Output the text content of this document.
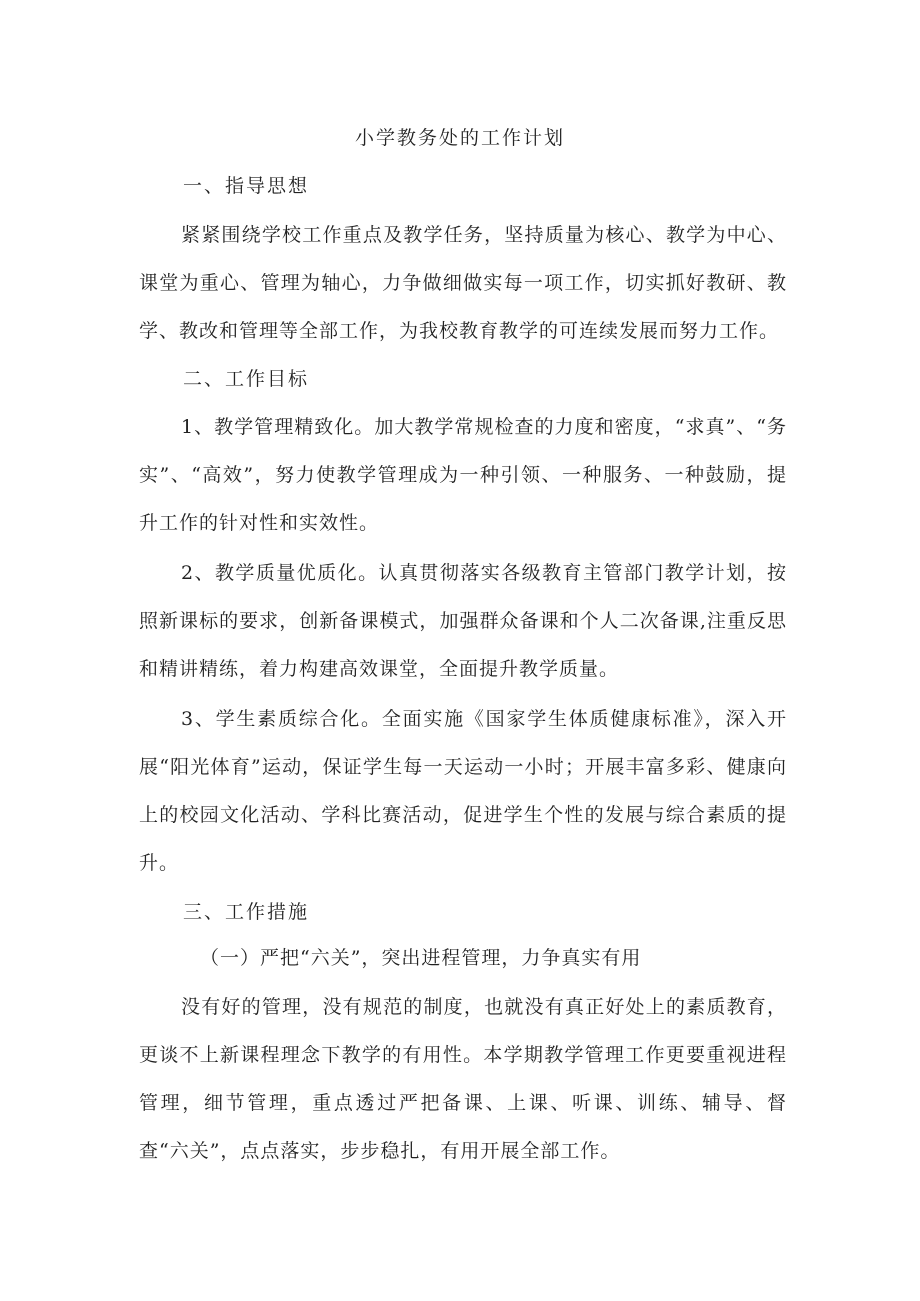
小学教务处的工作计划
一、指导思想
紧紧围绕学校工作重点及教学任务，坚持质量为核心、教学为中心、课堂为重心、管理为轴心，力争做细做实每一项工作，切实抓好教研、教学、教改和管理等全部工作，为我校教育教学的可连续发展而努力工作。
二、工作目标
1、教学管理精致化。加大教学常规检查的力度和密度，“求真”、“务实”、“高效”，努力使教学管理成为一种引领、一种服务、一种鼓励，提升工作的针对性和实效性。
2、教学质量优质化。认真贯彻落实各级教育主管部门教学计划，按照新课标的要求，创新备课模式，加强群众备课和个人二次备课,注重反思和精讲精练，着力构建高效课堂，全面提升教学质量。
3、学生素质综合化。全面实施《国家学生体质健康标准》，深入开展“阳光体育”运动，保证学生每一天运动一小时；开展丰富多彩、健康向上的校园文化活动、学科比赛活动，促进学生个性的发展与综合素质的提升。
三、工作措施
（一）严把“六关”，突出进程管理，力争真实有用
没有好的管理，没有规范的制度，也就没有真正好处上的素质教育，更谈不上新课程理念下教学的有用性。本学期教学管理工作更要重视进程管理，细节管理，重点透过严把备课、上课、听课、训练、辅导、督查“六关”，点点落实，步步稳扎，有用开展全部工作。
